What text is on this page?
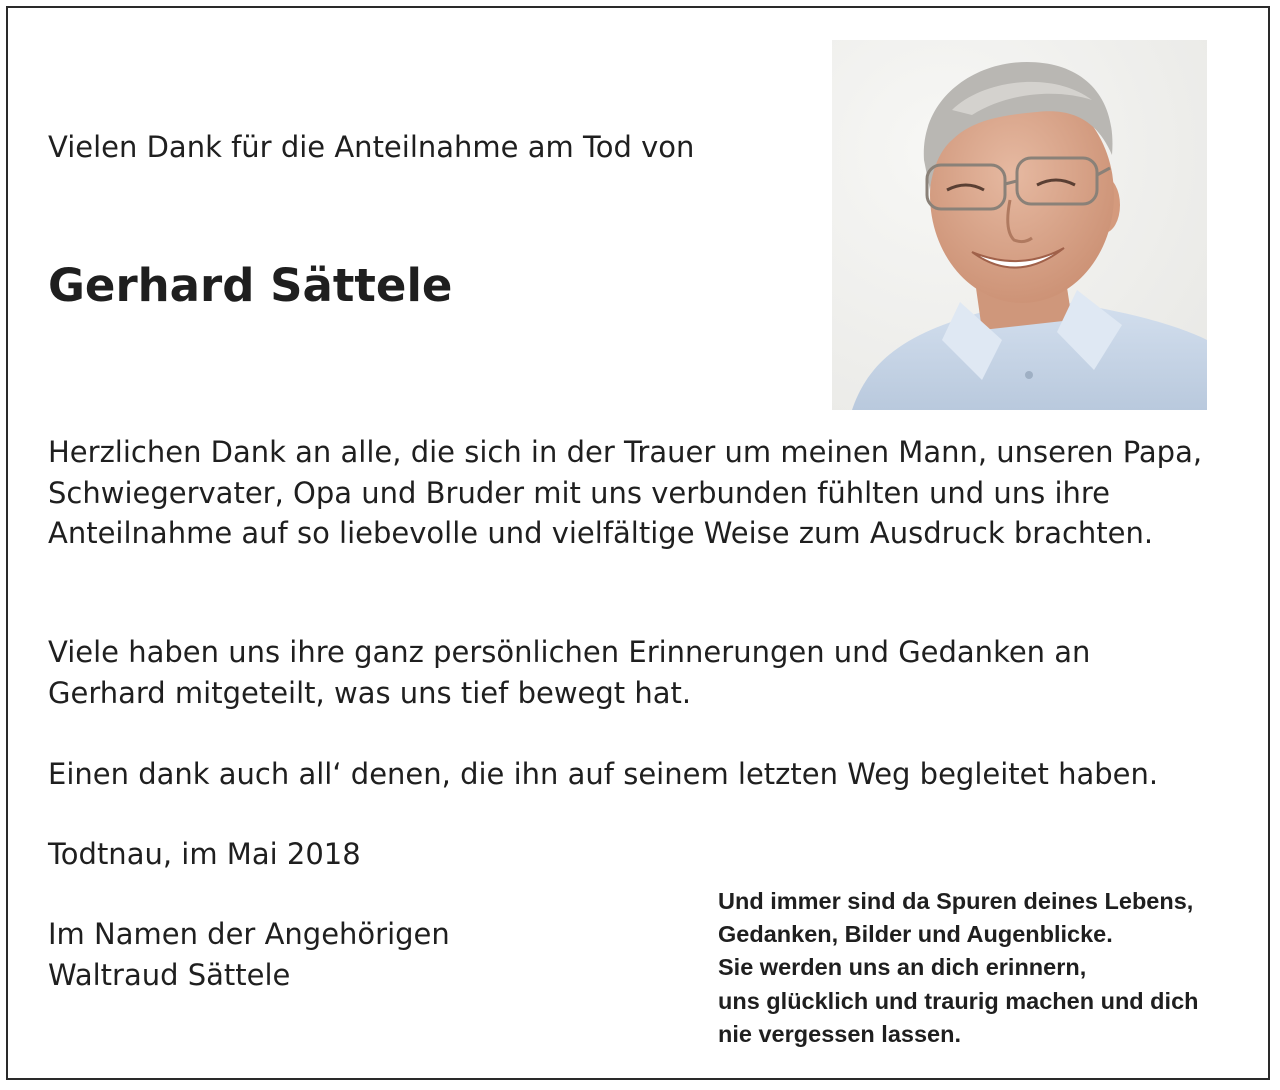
Vielen Dank für die Anteilnahme am Tod von
Gerhard Sättele
Herzlichen Dank an alle, die sich in der Trauer um meinen Mann, unseren Papa, Schwiegervater, Opa und Bruder mit uns verbunden fühlten und uns ihre Anteilnahme auf so liebevolle und vielfältige Weise zum Ausdruck brachten.
Viele haben uns ihre ganz persönlichen Erinnerungen und Gedanken an Gerhard mitgeteilt, was uns tief bewegt hat.
Einen dank auch all‘ denen, die ihn auf seinem letzten Weg begleitet haben.
Todtnau, im Mai 2018
Im Namen der Angehörigen
Waltraud Sättele
Und immer sind da Spuren deines Lebens,
Gedanken, Bilder und Augenblicke.
Sie werden uns an dich erinnern,
uns glücklich und traurig machen und dich
nie vergessen lassen.
